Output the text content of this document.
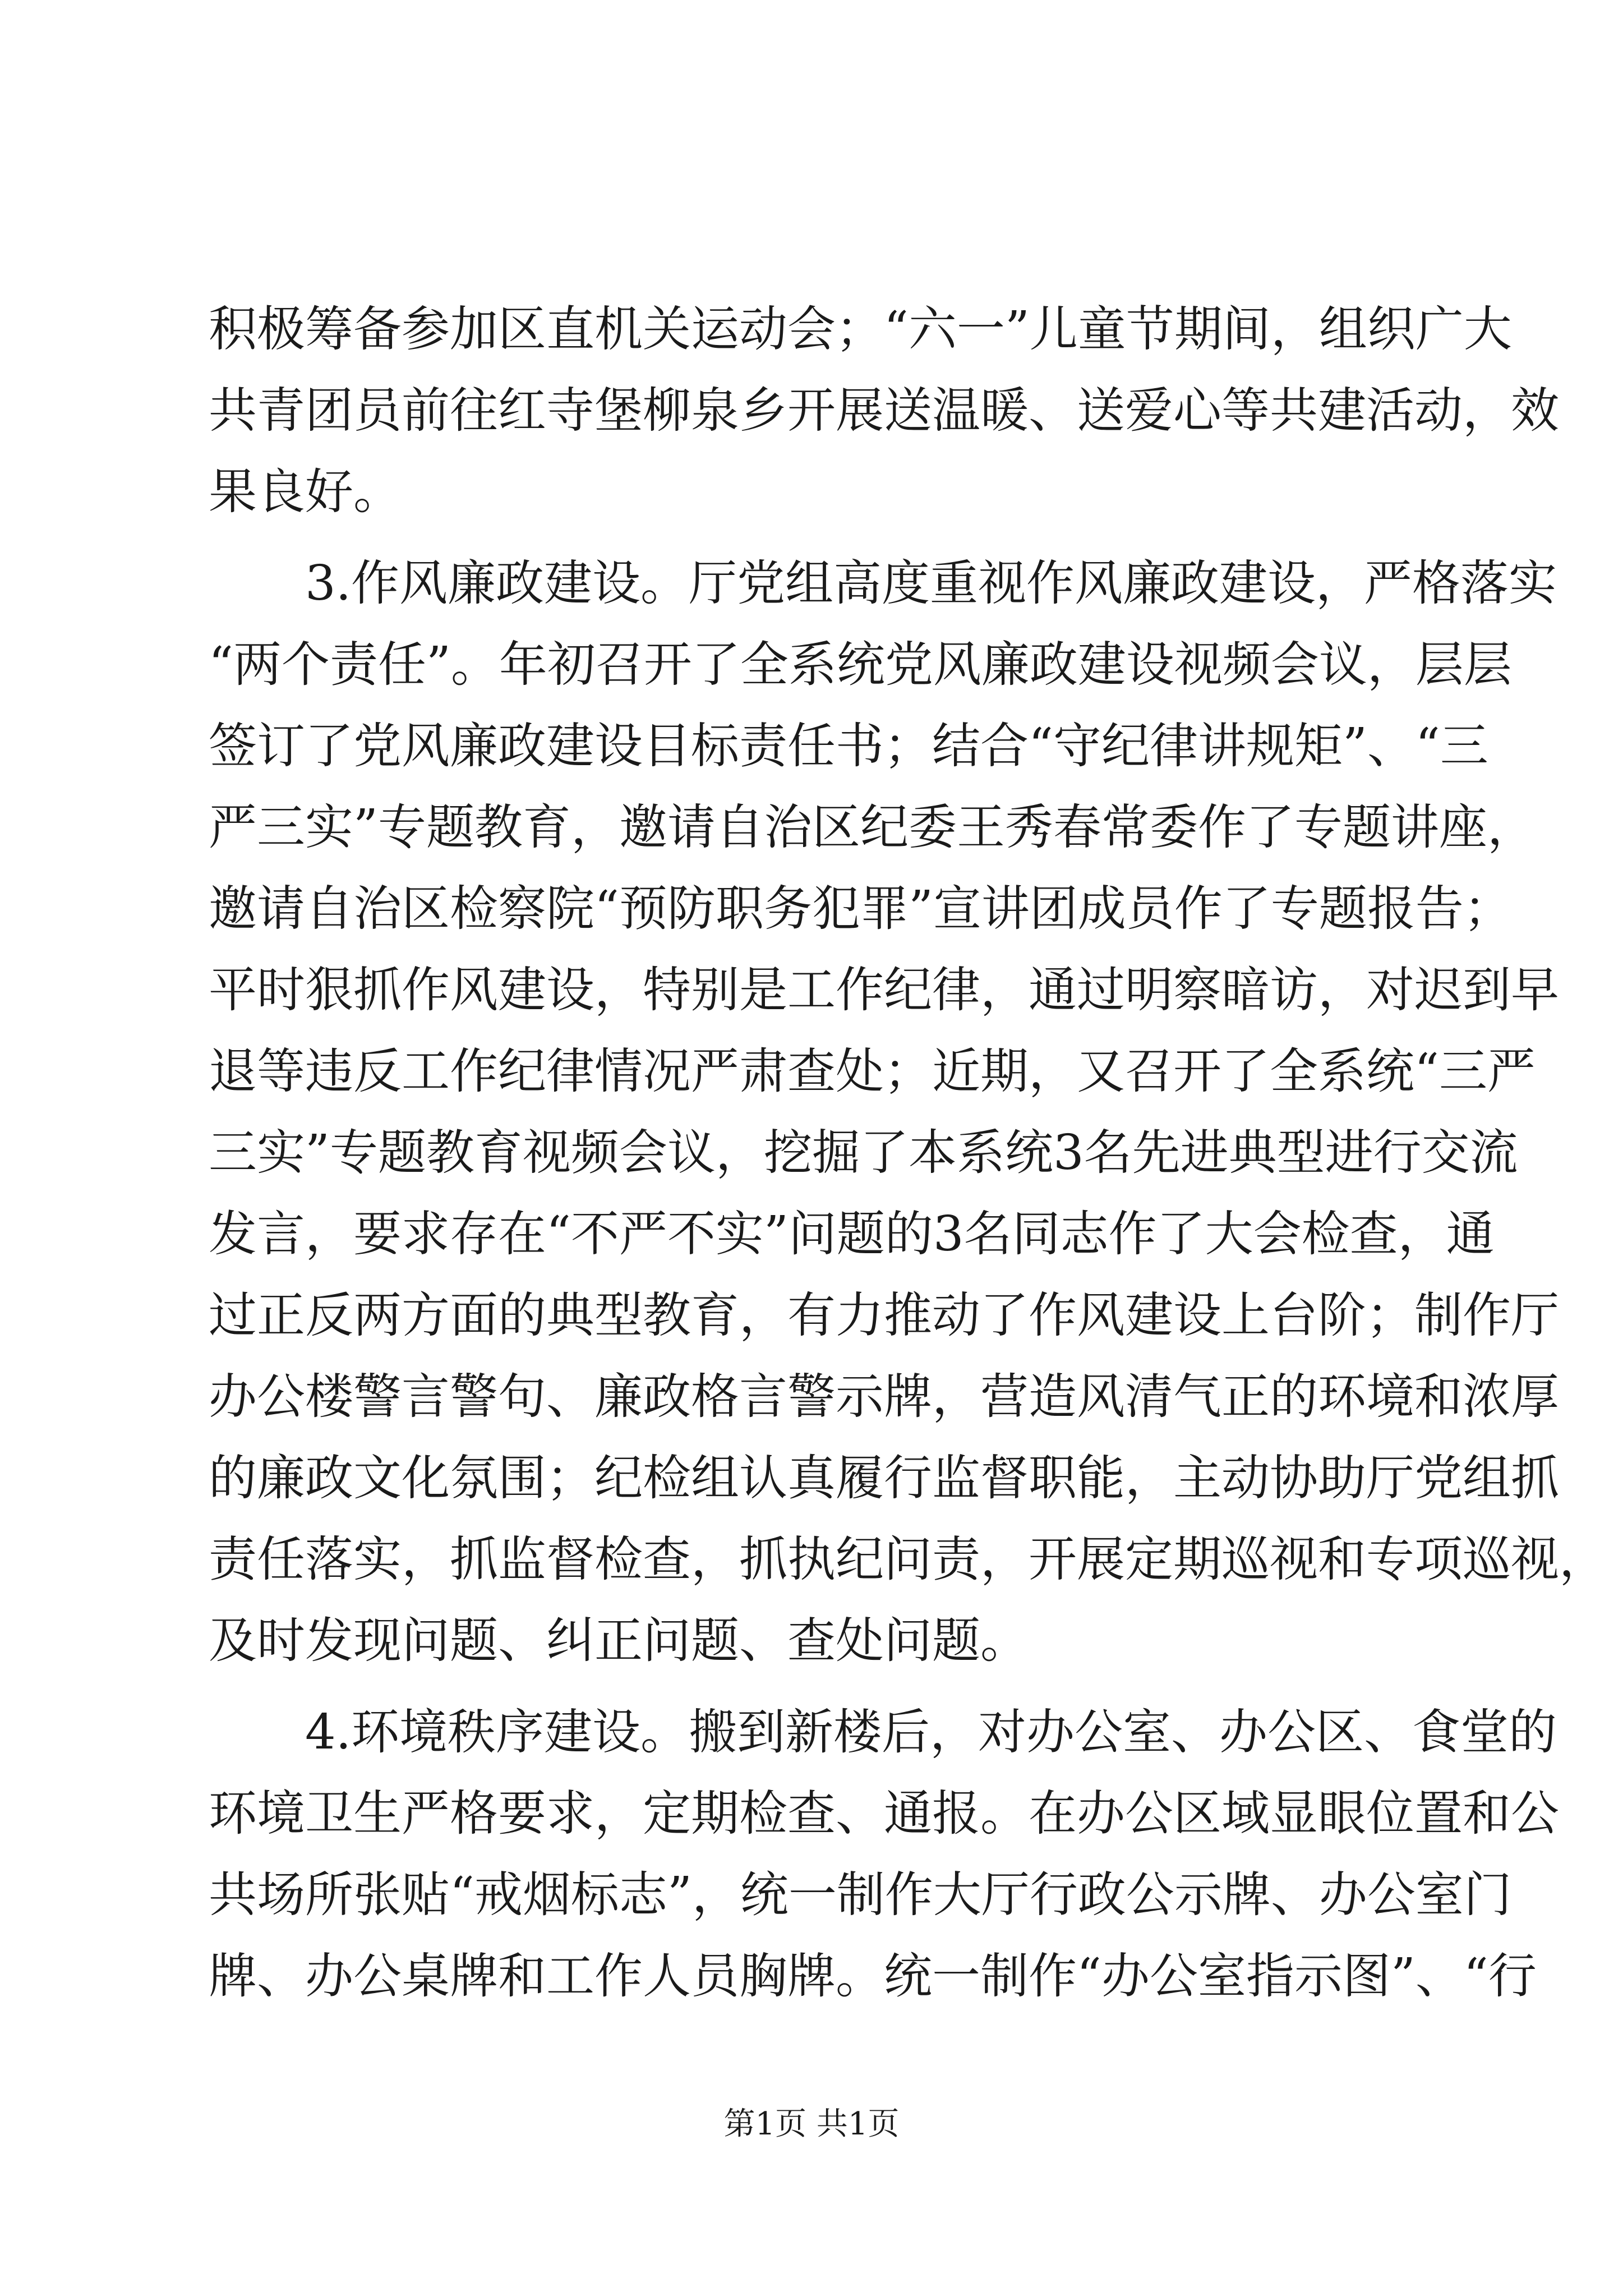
积极筹备参加区直机关运动会；“六一”儿童节期间，组织广大
共青团员前往红寺堡柳泉乡开展送温暖、送爱心等共建活动，效
果良好。
3.作风廉政建设。厅党组高度重视作风廉政建设，严格落实
“两个责任”。年初召开了全系统党风廉政建设视频会议，层层
签订了党风廉政建设目标责任书；结合“守纪律讲规矩”、“三
严三实”专题教育，邀请自治区纪委王秀春常委作了专题讲座，
邀请自治区检察院“预防职务犯罪”宣讲团成员作了专题报告；
平时狠抓作风建设，特别是工作纪律，通过明察暗访，对迟到早
退等违反工作纪律情况严肃查处；近期，又召开了全系统“三严
三实”专题教育视频会议，挖掘了本系统3名先进典型进行交流
发言，要求存在“不严不实”问题的3名同志作了大会检查，通
过正反两方面的典型教育，有力推动了作风建设上台阶；制作厅
办公楼警言警句、廉政格言警示牌，营造风清气正的环境和浓厚
的廉政文化氛围；纪检组认真履行监督职能，主动协助厅党组抓
责任落实，抓监督检查，抓执纪问责，开展定期巡视和专项巡视，
及时发现问题、纠正问题、查处问题。
4.环境秩序建设。搬到新楼后，对办公室、办公区、食堂的
环境卫生严格要求，定期检查、通报。在办公区域显眼位置和公
共场所张贴“戒烟标志”，统一制作大厅行政公示牌、办公室门
牌、办公桌牌和工作人员胸牌。统一制作“办公室指示图”、“行
第1页 共1页
